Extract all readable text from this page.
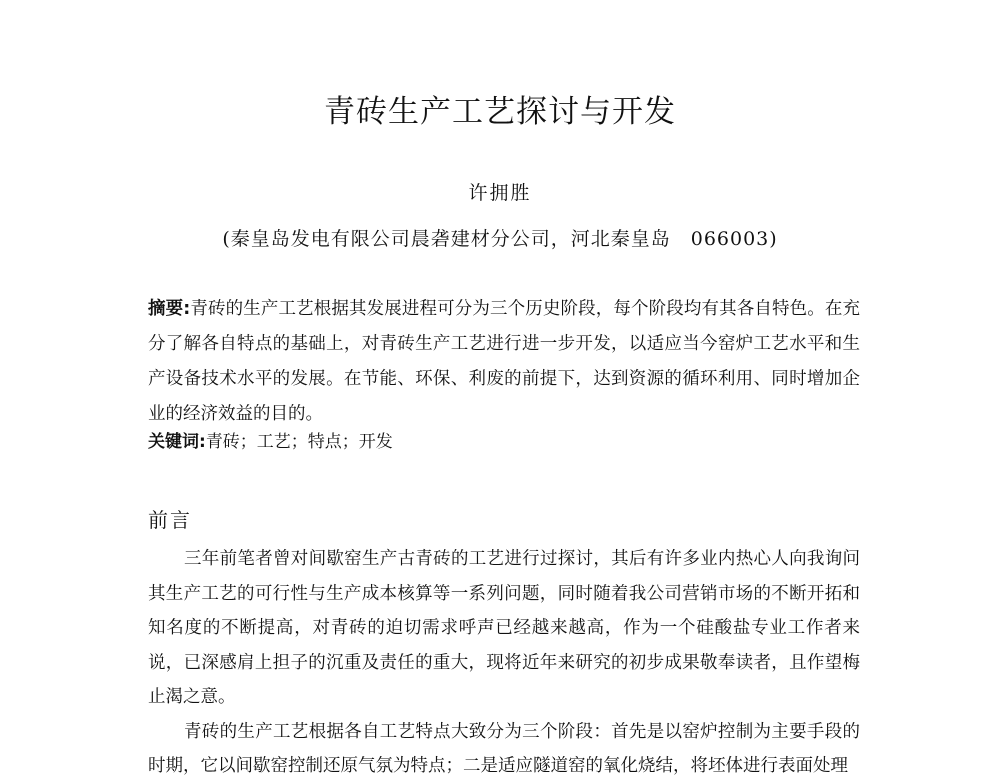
青砖生产工艺探讨与开发
许拥胜
(秦皇岛发电有限公司晨砻建材分公司，河北秦皇岛　066003)
摘要:青砖的生产工艺根据其发展进程可分为三个历史阶段，每个阶段均有其各自特色。在充分了解各自特点的基础上，对青砖生产工艺进行进一步开发，以适应当今窑炉工艺水平和生产设备技术水平的发展。在节能、环保、利废的前提下，达到资源的循环利用、同时增加企业的经济效益的目的。
关键词:青砖；工艺；特点；开发
前言

三年前笔者曾对间歇窑生产古青砖的工艺进行过探讨，其后有许多业内热心人向我询问其生产工艺的可行性与生产成本核算等一系列问题，同时随着我公司营销市场的不断开拓和知名度的不断提高，对青砖的迫切需求呼声已经越来越高，作为一个硅酸盐专业工作者来说，已深感肩上担子的沉重及责任的重大，现将近年来研究的初步成果敬奉读者，且作望梅止渴之意。

青砖的生产工艺根据各自工艺特点大致分为三个阶段：首先是以窑炉控制为主要手段的时期，它以间歇窑控制还原气氛为特点；二是适应隧道窑的氧化烧结，将坯体进行表面处理
